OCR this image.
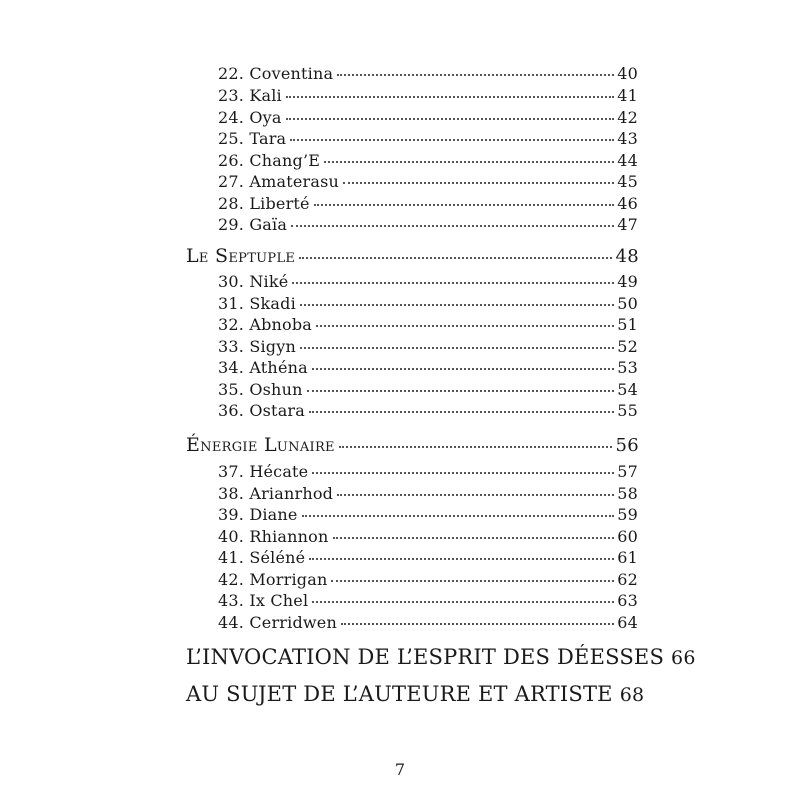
22. Coventina	40
23. Kali	41
24. Oya	42
25. Tara	43
26. Chang’E	44
27. Amaterasu	45
28. Liberté	46
29. Gaïa	47
Le Septuple	48
30. Niké	49
31. Skadi	50
32. Abnoba	51
33. Sigyn	52
34. Athéna	53
35. Oshun	54
36. Ostara	55
Énergie Lunaire	56
37. Hécate	57
38. Arianrhod	58
39. Diane	59
40. Rhiannon	60
41. Séléné	61
42. Morrigan	62
43. Ix Chel	63
44. Cerridwen	64
L’INVOCATION DE L’ESPRIT DES DÉESSES 66
AU SUJET DE L’AUTEURE ET ARTISTE 68
7
